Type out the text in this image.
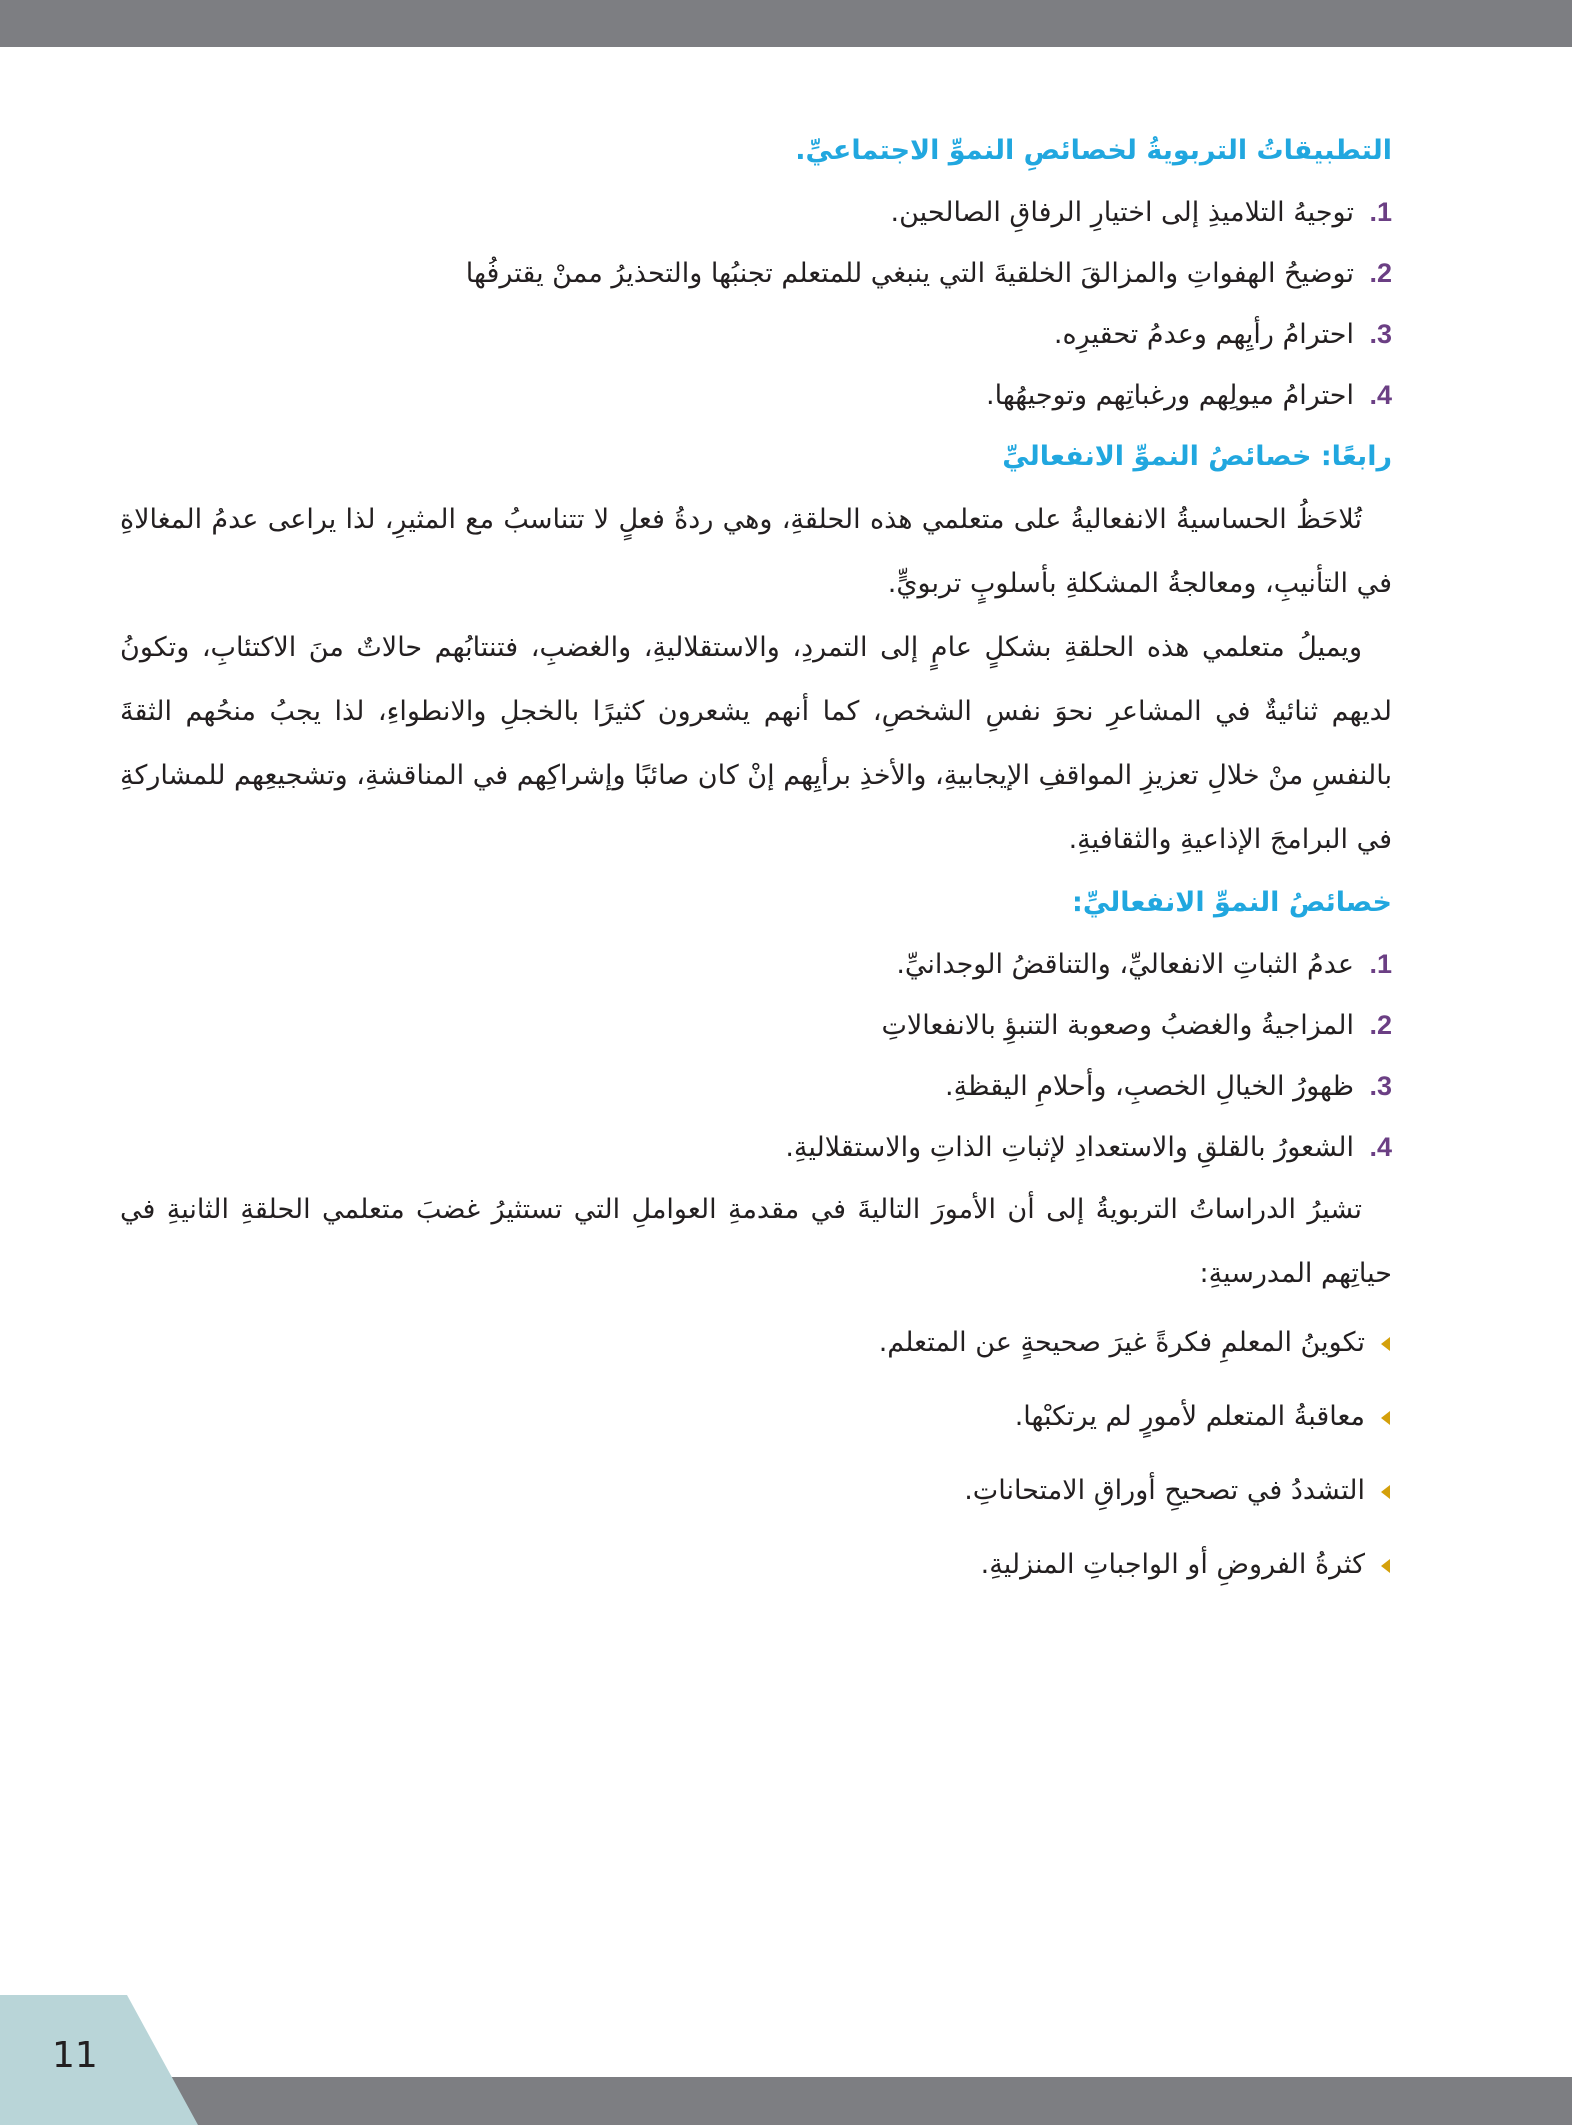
التطبيقاتُ التربويةُ لخصائصِ النموِّ الاجتماعيِّ.
1.توجيهُ التلاميذِ إلى اختيارِ الرفاقِ الصالحين.
2.توضيحُ الهفواتِ والمزالقَ الخلقيةَ التي ينبغي للمتعلم تجنبُها والتحذيرُ ممنْ يقترفُها
3.احترامُ رأيِهم وعدمُ تحقيرِه.
4.احترامُ ميولِهم ورغباتِهم وتوجيهُها.
رابعًا: خصائصُ النموِّ الانفعاليِّ

تُلاحَظُ الحساسيةُ الانفعاليةُ على متعلمي هذه الحلقةِ، وهي ردةُ فعلٍ لا تتناسبُ مع المثيرِ، لذا يراعى عدمُ المغالاةِ في التأنيبِ، ومعالجةُ المشكلةِ بأسلوبٍ تربويٍّ.

ويميلُ متعلمي هذه الحلقةِ بشكلٍ عامٍ إلى التمردِ، والاستقلاليةِ، والغضبِ، فتنتابُهم حالاتٌ منَ الاكتئابِ، وتكونُ لديهم ثنائيةٌ في المشاعرِ نحوَ نفسِ الشخصِ، كما أنهم يشعرون كثيرًا بالخجلِ والانطواءِ، لذا يجبُ منحُهم الثقةَ بالنفسِ منْ خلالِ تعزيزِ المواقفِ الإيجابيةِ، والأخذِ برأيِهم إنْ كان صائبًا وإشراكِهم في المناقشةِ، وتشجيعِهم للمشاركةِ في البرامجَ الإذاعيةِ والثقافيةِ.

خصائصُ النموِّ الانفعاليِّ:
1.عدمُ الثباتِ الانفعاليِّ، والتناقضُ الوجدانيِّ.
2.المزاجيةُ والغضبُ وصعوبة التنبؤِ بالانفعالاتِ
3.ظهورُ الخيالِ الخصبِ، وأحلامِ اليقظةِ.
4.الشعورُ بالقلقِ والاستعدادِ لإثباتِ الذاتِ والاستقلاليةِ.

تشيرُ الدراساتُ التربويةُ إلى أن الأمورَ التاليةَ في مقدمةِ العواملِ التي تستثيرُ غضبَ متعلمي الحلقةِ الثانيةِ في حياتِهم المدرسيةِ:

تكوينُ المعلمِ فكرةً غيرَ صحيحةٍ عن المتعلم.
معاقبةُ المتعلم لأمورٍ لم يرتكبْها.
التشددُ في تصحيحِ أوراقِ الامتحاناتِ.
كثرةُ الفروضِ أو الواجباتِ المنزليةِ.
11
